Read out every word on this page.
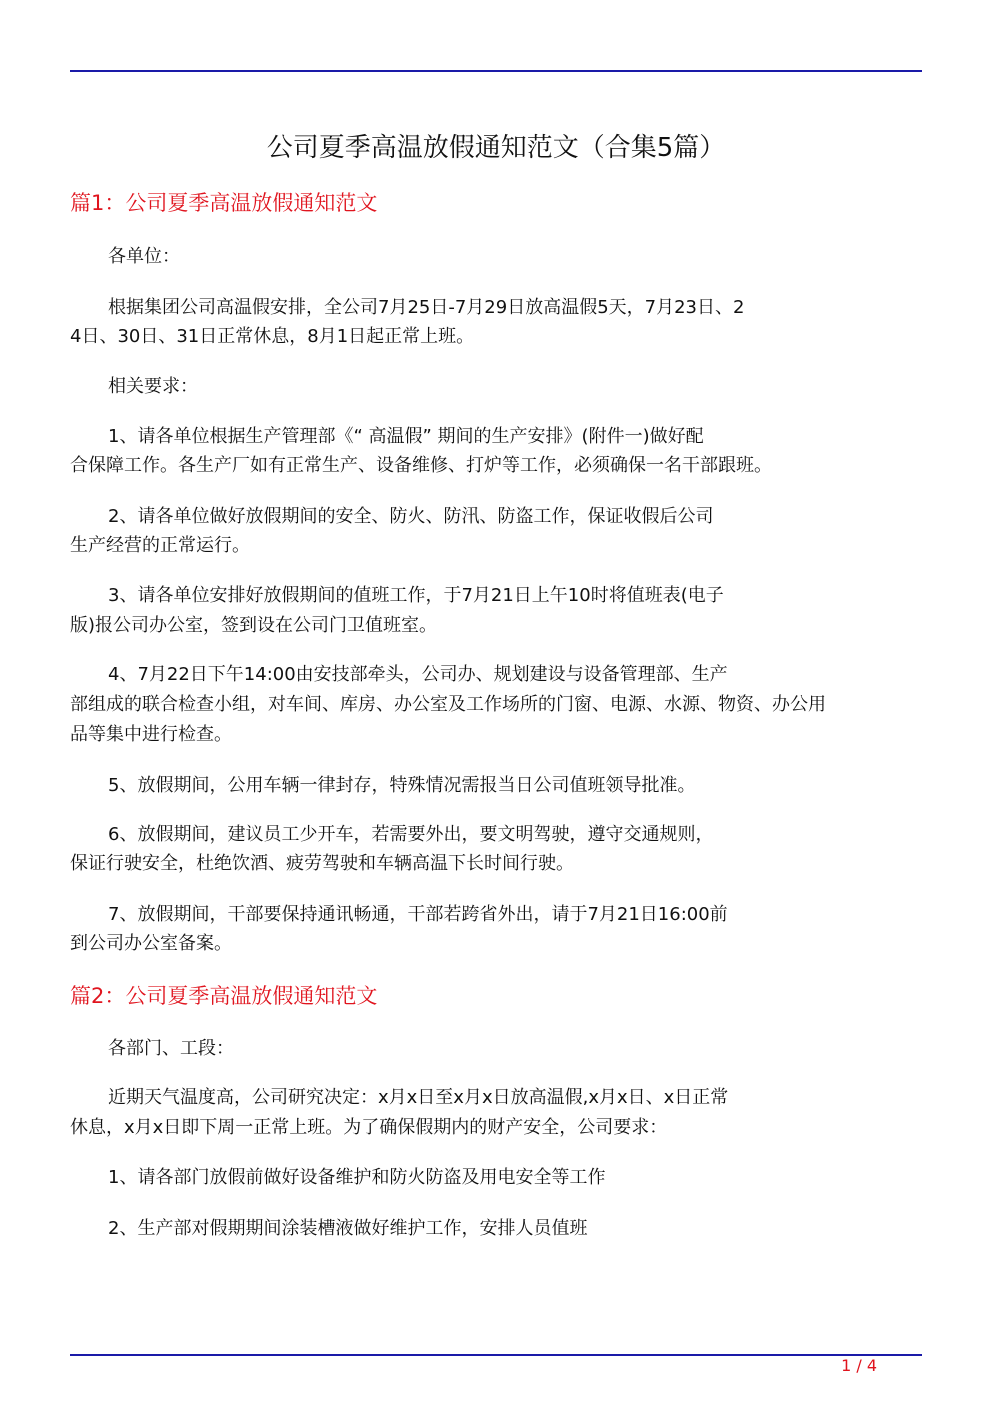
公司夏季高温放假通知范文（合集5篇）
篇1：公司夏季高温放假通知范文
各单位：
根据集团公司高温假安排，全公司7月25日-7月29日放高温假5天，7月23日、2
4日、30日、31日正常休息，8月1日起正常上班。
相关要求：
1、请各单位根据生产管理部《“ 高温假” 期间的生产安排》(附件一)做好配
合保障工作。各生产厂如有正常生产、设备维修、打炉等工作，必须确保一名干部跟班。
2、请各单位做好放假期间的安全、防火、防汛、防盗工作，保证收假后公司
生产经营的正常运行。
3、请各单位安排好放假期间的值班工作，于7月21日上午10时将值班表(电子
版)报公司办公室，签到设在公司门卫值班室。
4、7月22日下午14:00由安技部牵头，公司办、规划建设与设备管理部、生产
部组成的联合检查小组，对车间、库房、办公室及工作场所的门窗、电源、水源、物资、办公用
品等集中进行检查。
5、放假期间，公用车辆一律封存，特殊情况需报当日公司值班领导批准。
6、放假期间，建议员工少开车，若需要外出，要文明驾驶，遵守交通规则，
保证行驶安全，杜绝饮酒、疲劳驾驶和车辆高温下长时间行驶。
7、放假期间，干部要保持通讯畅通，干部若跨省外出，请于7月21日16:00前
到公司办公室备案。
篇2：公司夏季高温放假通知范文
各部门、工段：
近期天气温度高，公司研究决定：x月x日至x月x日放高温假,x月x日、x日正常
休息，x月x日即下周一正常上班。为了确保假期内的财产安全，公司要求：
1、请各部门放假前做好设备维护和防火防盗及用电安全等工作
2、生产部对假期期间涂装槽液做好维护工作，安排人员值班
1 / 4
